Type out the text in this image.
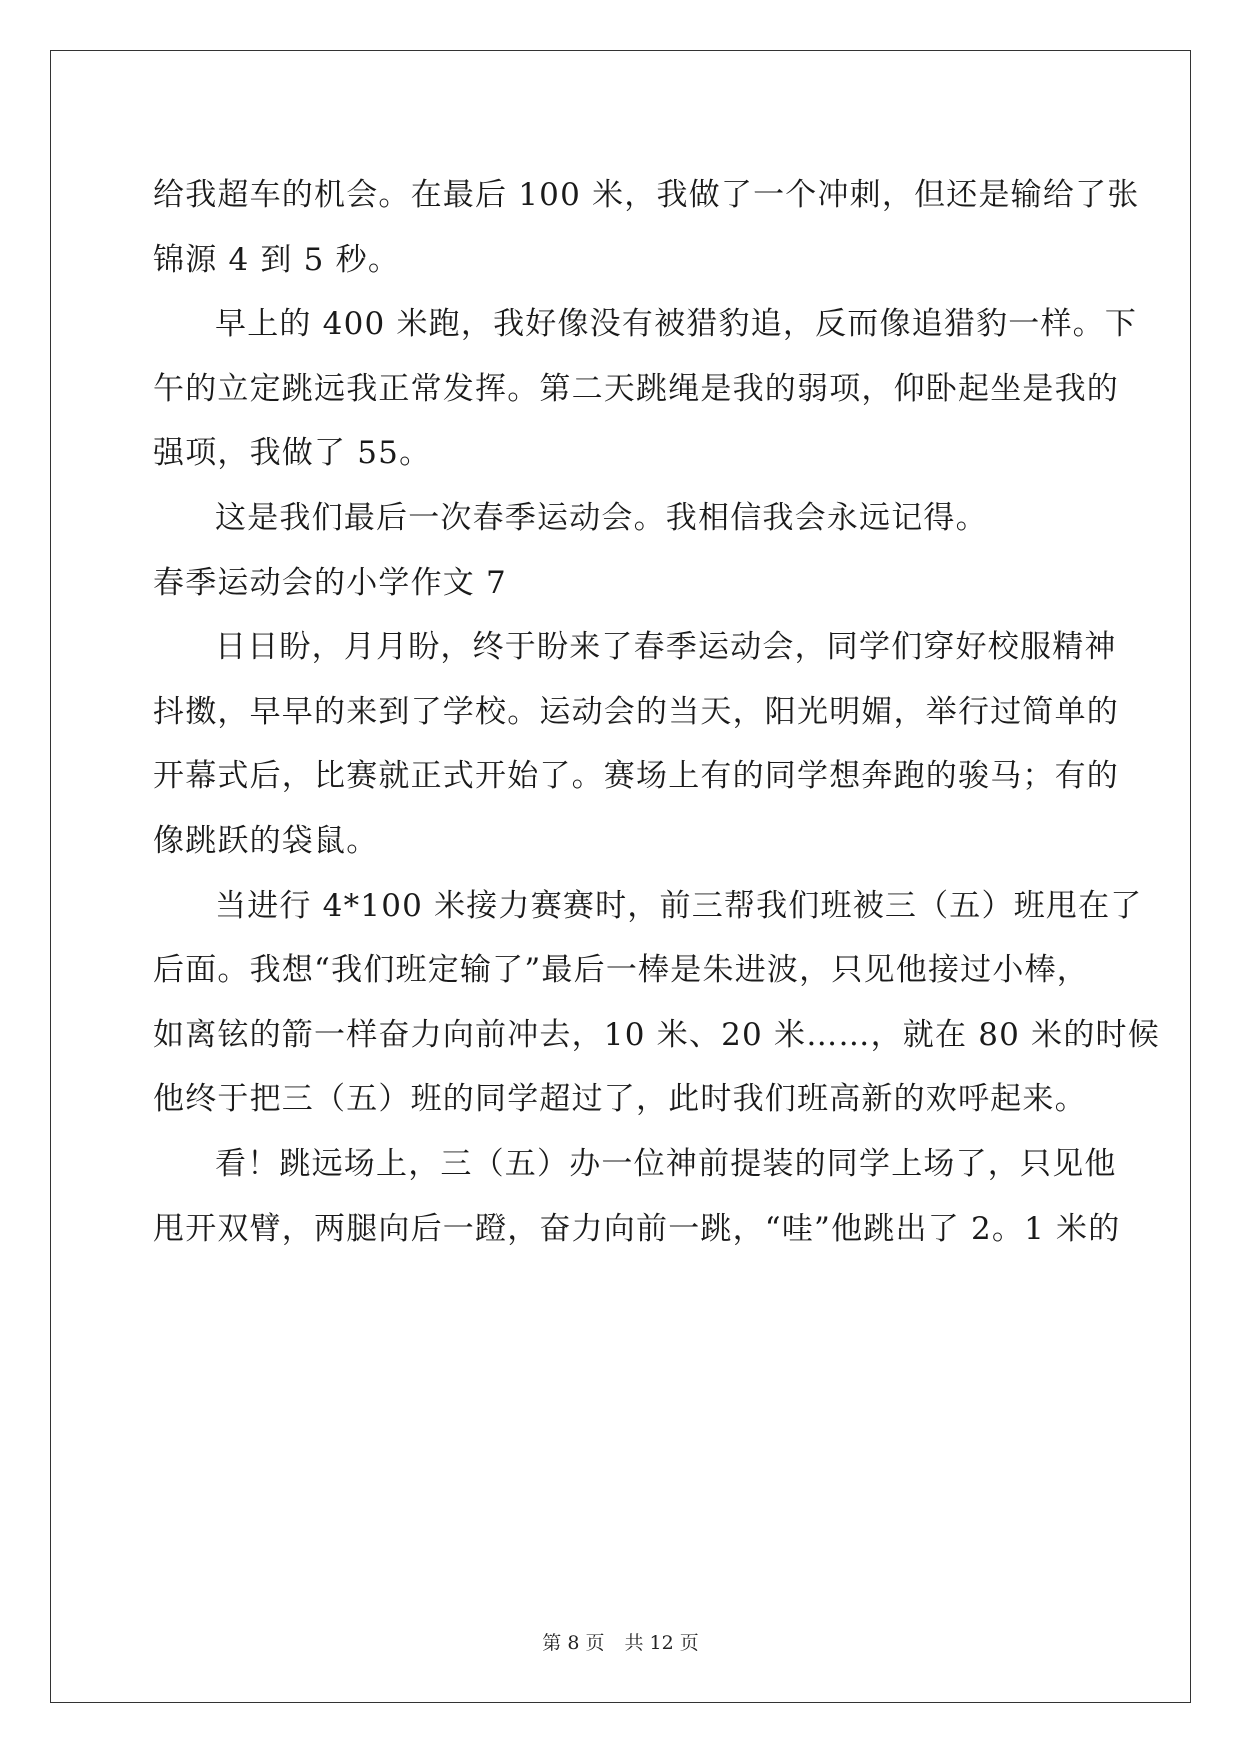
给我超车的机会。在最后 100 米，我做了一个冲刺，但还是输给了张
锦源 4 到 5 秒。
早上的 400 米跑，我好像没有被猎豹追，反而像追猎豹一样。下
午的立定跳远我正常发挥。第二天跳绳是我的弱项，仰卧起坐是我的
强项，我做了 55。
这是我们最后一次春季运动会。我相信我会永远记得。
春季运动会的小学作文 7
日日盼，月月盼，终于盼来了春季运动会，同学们穿好校服精神
抖擞，早早的来到了学校。运动会的当天，阳光明媚，举行过简单的
开幕式后，比赛就正式开始了。赛场上有的同学想奔跑的骏马；有的
像跳跃的袋鼠。
当进行 4*100 米接力赛赛时，前三帮我们班被三（五）班甩在了
后面。我想“我们班定输了”最后一棒是朱进波，只见他接过小棒，
如离铉的箭一样奋力向前冲去，10 米、20 米……，就在 80 米的时候
他终于把三（五）班的同学超过了，此时我们班高新的欢呼起来。
看！跳远场上，三（五）办一位神前提装的同学上场了，只见他
甩开双臂，两腿向后一蹬，奋力向前一跳，“哇”他跳出了 2。1 米的
第 8 页 共 12 页
